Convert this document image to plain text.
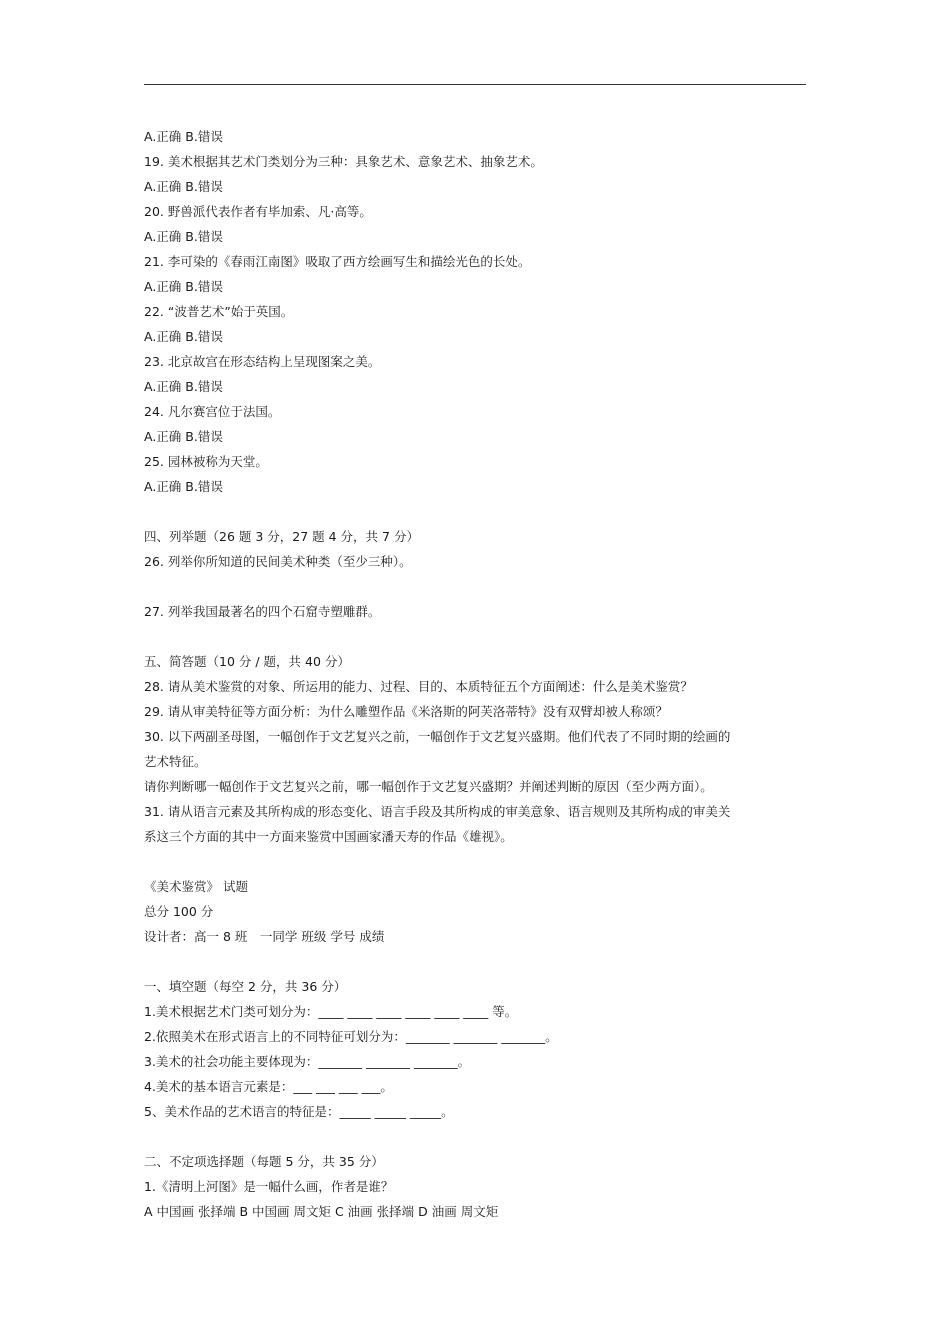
A.正确 B.错误
19. 美术根据其艺术门类划分为三种：具象艺术、意象艺术、抽象艺术。
A.正确 B.错误
20. 野兽派代表作者有毕加索、凡·高等。
A.正确 B.错误
21. 李可染的《春雨江南图》吸取了西方绘画写生和描绘光色的长处。
A.正确 B.错误
22. “波普艺术”始于英国。
A.正确 B.错误
23. 北京故宫在形态结构上呈现图案之美。
A.正确 B.错误
24. 凡尔赛宫位于法国。
A.正确 B.错误
25. 园林被称为天堂。
A.正确 B.错误
四、列举题（26 题 3 分，27 题 4 分，共 7 分）
26. 列举你所知道的民间美术种类（至少三种）。
27. 列举我国最著名的四个石窟寺塑雕群。
五、简答题（10 分 / 题，共 40 分）
28. 请从美术鉴赏的对象、所运用的能力、过程、目的、本质特征五个方面阐述：什么是美术鉴赏？
29. 请从审美特征等方面分析：为什么雕塑作品《米洛斯的阿芙洛蒂特》没有双臂却被人称颂？
30. 以下两副圣母图，一幅创作于文艺复兴之前，一幅创作于文艺复兴盛期。他们代表了不同时期的绘画的
艺术特征。
请你判断哪一幅创作于文艺复兴之前，哪一幅创作于文艺复兴盛期？并阐述判断的原因（至少两方面）。
31. 请从语言元素及其所构成的形态变化、语言手段及其所构成的审美意象、语言规则及其所构成的审美关
系这三个方面的其中一方面来鉴赏中国画家潘天寿的作品《雄视》。
《美术鉴赏》 试题
总分 100 分
设计者：高一 8 班　一同学 班级 学号 成绩
一、填空题（每空 2 分，共 36 分）
1.美术根据艺术门类可划分为：____ ____ ____ ____ ____ ____ 等。
2.依照美术在形式语言上的不同特征可划分为：_______ _______ _______。
3.美术的社会功能主要体现为：_______ _______ _______。
4.美术的基本语言元素是：___ ___ ___ ___。
5、美术作品的艺术语言的特征是：_____ _____ _____。
二、不定项选择题（每题 5 分，共 35 分）
1.《清明上河图》是一幅什么画，作者是谁？
A 中国画 张择端 B 中国画 周文矩 C 油画 张择端 D 油画 周文矩
